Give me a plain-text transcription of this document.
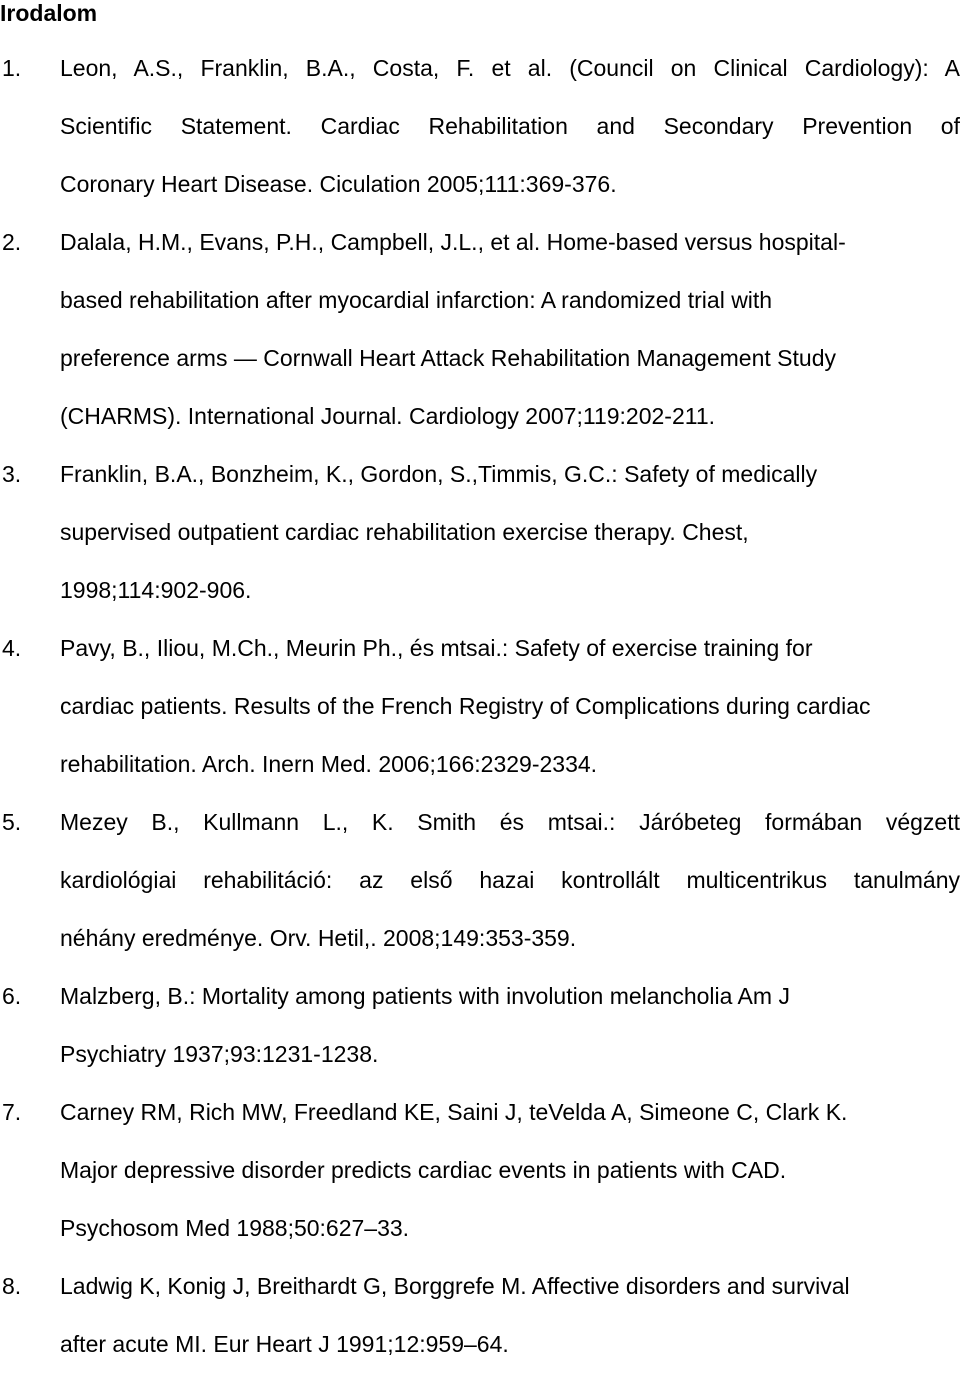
Irodalom
1.	Leon, A.S., Franklin, B.A., Costa, F. et al. (Council on Clinical Cardiology): A
Scientific Statement. Cardiac Rehabilitation and Secondary Prevention of
Coronary Heart Disease. Ciculation 2005;111:369-376.
2.	Dalala, H.M., Evans, P.H., Campbell, J.L., et al. Home-based versus hospital-
based rehabilitation after myocardial infarction: A randomized trial with
preference arms — Cornwall Heart Attack Rehabilitation Management Study
(CHARMS). International Journal. Cardiology 2007;119:202-211.
3.	Franklin, B.A., Bonzheim, K., Gordon, S.,Timmis, G.C.: Safety of medically
supervised outpatient cardiac rehabilitation exercise therapy. Chest,
1998;114:902-906.
4.	Pavy, B., Iliou, M.Ch., Meurin Ph., és mtsai.: Safety of exercise training for
cardiac patients. Results of the French Registry of Complications during cardiac
rehabilitation. Arch. Inern Med. 2006;166:2329-2334.
5.	Mezey B., Kullmann L., K. Smith és mtsai.: Járóbeteg formában végzett
kardiológiai rehabilitáció: az első hazai kontrollált multicentrikus tanulmány
néhány eredménye. Orv. Hetil,. 2008;149:353-359.
6.	Malzberg, B.: Mortality among patients with involution melancholia Am J
Psychiatry 1937;93:1231-1238.
7.	Carney RM, Rich MW, Freedland KE, Saini J, teVelda A, Simeone C, Clark K.
Major depressive disorder predicts cardiac events in patients with CAD.
Psychosom Med 1988;50:627–33.
8.	Ladwig K, Konig J, Breithardt G, Borggrefe M. Affective disorders and survival
after acute MI. Eur Heart J 1991;12:959–64.
